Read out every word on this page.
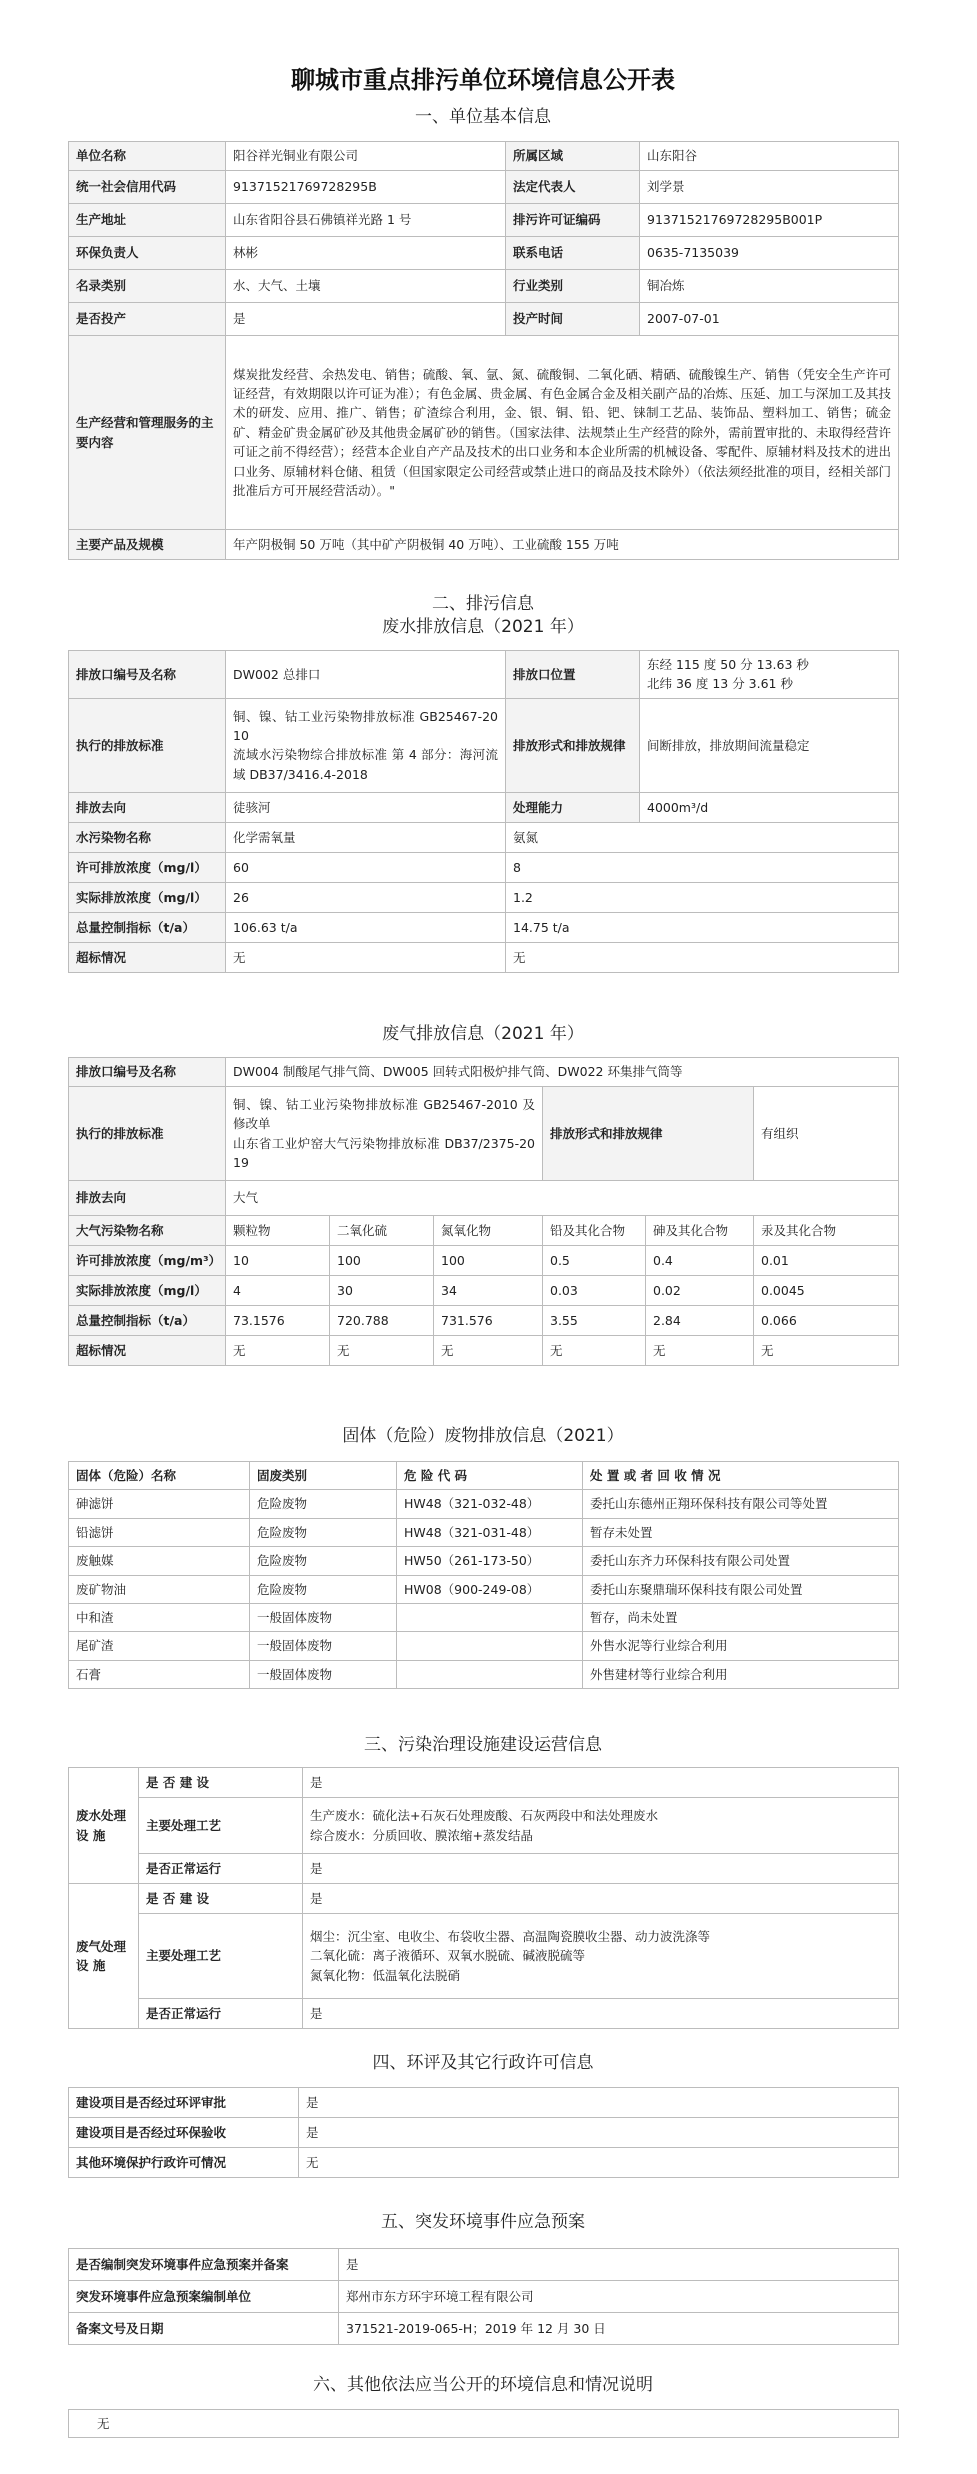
聊城市重点排污单位环境信息公开表
一、单位基本信息
单位名称	阳谷祥光铜业有限公司	所属区域	山东阳谷
统一社会信用代码	91371521769728295B	法定代表人	刘学景
生产地址	山东省阳谷县石佛镇祥光路 1 号	排污许可证编码	91371521769728295B001P
环保负责人	林彬	联系电话	0635-7135039
名录类别	水、大气、土壤	行业类别	铜冶炼
是否投产	是	投产时间	2007-07-01
生产经营和管理服务的主要内容	煤炭批发经营、余热发电、销售；硫酸、氧、氩、氮、硫酸铜、二氧化硒、精硒、硫酸镍生产、销售（凭安全生产许可证经营，有效期限以许可证为准）；有色金属、贵金属、有色金属合金及相关副产品的冶炼、压延、加工与深加工及其技术的研发、应用、推广、销售；矿渣综合利用，金、银、铜、铅、钯、铼制工艺品、装饰品、塑料加工、销售；硫金矿、精金矿贵金属矿砂及其他贵金属矿砂的销售。（国家法律、法规禁止生产经营的除外，需前置审批的、未取得经营许可证之前不得经营）；经营本企业自产产品及技术的出口业务和本企业所需的机械设备、零配件、原辅材料及技术的进出口业务、原辅材料仓储、租赁（但国家限定公司经营或禁止进口的商品及技术除外）（依法须经批准的项目，经相关部门批准后方可开展经营活动）。"		
主要产品及规模	年产阴极铜 50 万吨（其中矿产阴极铜 40 万吨）、工业硫酸 155 万吨		
二、排污信息
废水排放信息（2021 年）
排放口编号及名称	DW002 总排口	排放口位置	东经 115 度 50 分 13.63 秒
北纬 36 度 13 分 3.61 秒

执行的排放标准	铜、镍、钴工业污染物排放标准 GB25467-2010
流域水污染物综合排放标准 第 4 部分：海河流域 DB37/3416.4-2018	排放形式和排放规律	间断排放，排放期间流量稳定
排放去向	徒骇河	处理能力	4000m³/d
水污染物名称	化学需氧量	氨氮	
许可排放浓度（mg/l）	60	8	
实际排放浓度（mg/l）	26	1.2	
总量控制指标（t/a）	106.63 t/a	14.75 t/a	
超标情况	无	无	
废气排放信息（2021 年）
排放口编号及名称	DW004 制酸尾气排气筒、DW005 回转式阳极炉排气筒、DW022 环集排气筒等					
执行的排放标准	铜、镍、钴工业污染物排放标准 GB25467-2010 及修改单
山东省工业炉窑大气污染物排放标准 DB37/2375-2019			排放形式和排放规律		有组织
排放去向	大气					
大气污染物名称	颗粒物	二氧化硫	氮氧化物	铅及其化合物	砷及其化合物	汞及其化合物
许可排放浓度（mg/m³）	10	100	100	0.5	0.4	0.01
实际排放浓度（mg/l）	4	30	34	0.03	0.02	0.0045
总量控制指标（t/a）	73.1576	720.788	731.576	3.55	2.84	0.066
超标情况	无	无	无	无	无	无
固体（危险）废物排放信息（2021）
固体（危险）名称	固废类别	危 险 代 码	处 置 或 者 回 收 情 况
砷滤饼	危险废物	HW48（321-032-48）	委托山东德州正翔环保科技有限公司等处置
铅滤饼	危险废物	HW48（321-031-48）	暂存未处置
废触媒	危险废物	HW50（261-173-50）	委托山东齐力环保科技有限公司处置
废矿物油	危险废物	HW08（900-249-08）	委托山东聚鼎瑞环保科技有限公司处置
中和渣	一般固体废物		暂存，尚未处置
尾矿渣	一般固体废物		外售水泥等行业综合利用
石膏	一般固体废物		外售建材等行业综合利用
三、污染治理设施建设运营信息
废水处理设 施	是 否 建 设	是
	主要处理工艺	生产废水：硫化法+石灰石处理废酸、石灰两段中和法处理废水
综合废水：分质回收、膜浓缩+蒸发结晶

	是否正常运行	是
废气处理设 施	是 否 建 设	是
	主要处理工艺	烟尘：沉尘室、电收尘、布袋收尘器、高温陶瓷膜收尘器、动力波洗涤等
二氧化硫：离子液循环、双氧水脱硫、碱液脱硫等
氮氧化物：低温氧化法脱硝

	是否正常运行	是
四、环评及其它行政许可信息
建设项目是否经过环评审批	是
建设项目是否经过环保验收	是
其他环境保护行政许可情况	无
五、突发环境事件应急预案
是否编制突发环境事件应急预案并备案	是
突发环境事件应急预案编制单位	郑州市东方环宇环境工程有限公司
备案文号及日期	371521-2019-065-H；2019 年 12 月 30 日
六、其他依法应当公开的环境信息和情况说明
无
